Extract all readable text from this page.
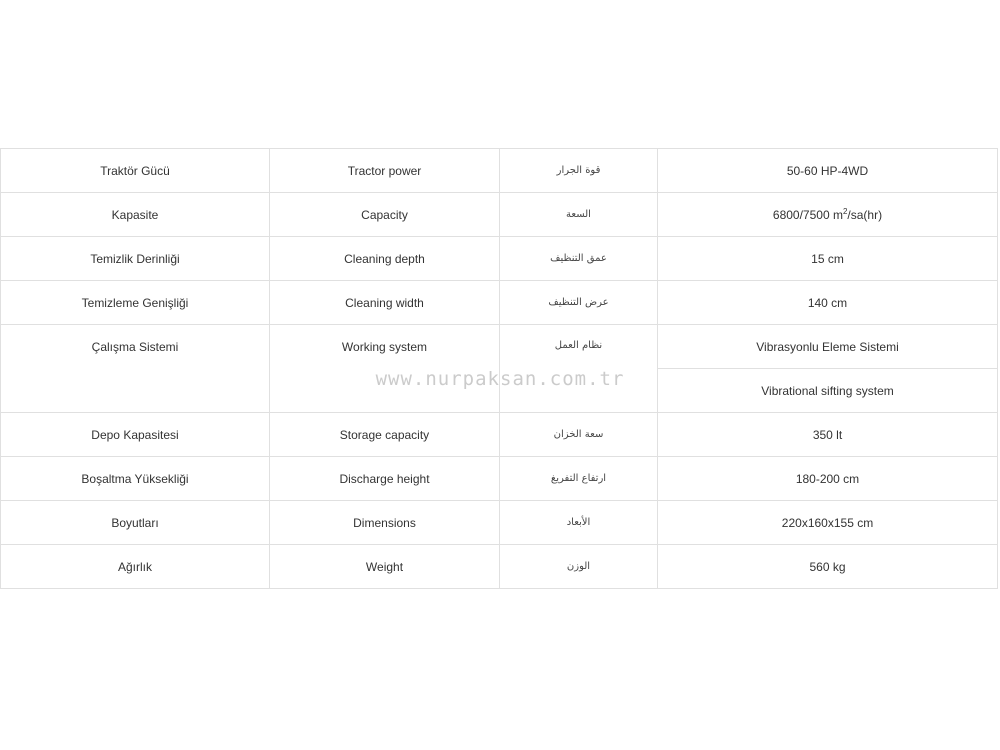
Traktör Gücü	Tractor power	قوة الجرار	50-60 HP-4WD
Kapasite	Capacity	السعة	6800/7500 $m^2/sa(hr)$
Temizlik Derinliği	Cleaning depth	عمق التنظيف	15 cm
Temizleme Genişliği	Cleaning width	عرض التنظيف	140 cm
Çalışma Sistemi	Working system	نظام العمل	Vibrasyonlu Eleme Sistemi
			Vibrational sifting system
Depo Kapasitesi	Storage capacity	سعة الخزان	350 lt
Boşaltma Yüksekliği	Discharge height	ارتفاع التفريغ	180-200 cm
Boyutları	Dimensions	الأبعاد	220x160x155 cm
Ağırlık	Weight	الوزن	560 kg
www.nurpaksan.com.tr
